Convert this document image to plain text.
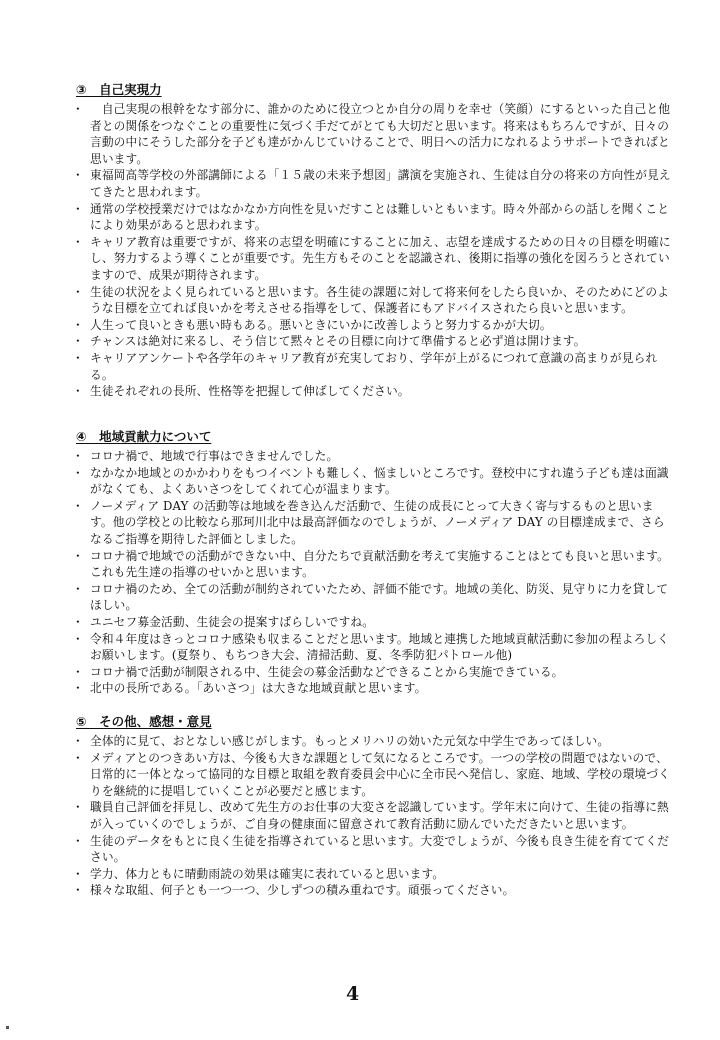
③　自己実現力
・ 　自己実現の根幹をなす部分に、誰かのために役立つとか自分の周りを幸せ（笑顔）にするといった自己と他者との関係をつなぐことの重要性に気づく手だてがとても大切だと思います。将来はもちろんですが、日々の言動の中にそうした部分を子ども達がかんじていけることで、明日への活力になれるようサポートできればと思います。
・ 東福岡高等学校の外部講師による「１５歳の未来予想図」講演を実施され、生徒は自分の将来の方向性が見えてきたと思われます。
・ 通常の学校授業だけではなかなか方向性を見いだすことは難しいともいます。時々外部からの話しを聞くことにより効果があると思われます。
・ キャリア教育は重要ですが、将来の志望を明確にすることに加え、志望を達成するための日々の目標を明確にし、努力するよう導くことが重要です。先生方もそのことを認識され、後期に指導の強化を図ろうとされていますので、成果が期待されます。
・ 生徒の状況をよく見られていると思います。各生徒の課題に対して将来何をしたら良いか、そのためにどのような目標を立てれば良いかを考えさせる指導をして、保護者にもアドバイスされたら良いと思います。
・ 人生って良いときも悪い時もある。悪いときにいかに改善しようと努力するかが大切。
・ チャンスは絶対に来るし、そう信じて黙々とその目標に向けて準備すると必ず道は開けます。
・ キャリアアンケートや各学年のキャリア教育が充実しており、学年が上がるにつれて意識の高まりが見られる。
・ 生徒それぞれの長所、性格等を把握して伸ばしてください。
④　地域貢献力について
・ コロナ禍で、地域で行事はできませんでした。
・ なかなか地域とのかかわりをもつイベントも難しく、悩ましいところです。登校中にすれ違う子ども達は面識がなくても、よくあいさつをしてくれて心が温まります。
・ ノーメディア DAY の活動等は地域を巻き込んだ活動で、生徒の成長にとって大きく寄与するものと思います。他の学校との比較なら那珂川北中は最高評価なのでしょうが、ノーメディア DAY の目標達成まで、さらなるご指導を期待した評価としました。
・ コロナ禍で地域での活動ができない中、自分たちで貢献活動を考えて実施することはとても良いと思います。これも先生達の指導のせいかと思います。
・ コロナ禍のため、全ての活動が制約されていたため、評価不能です。地域の美化、防災、見守りに力を貸してほしい。
・ ユニセフ募金活動、生徒会の提案すばらしいですね。
・ 令和４年度はきっとコロナ感染も収まることだと思います。地域と連携した地域貢献活動に参加の程よろしくお願いします。(夏祭り、もちつき大会、清掃活動、夏、冬季防犯パトロール他)
・ コロナ禍で活動が制限される中、生徒会の募金活動などできることから実施できている。
・ 北中の長所である。「あいさつ」は大きな地域貢献と思います。
⑤　その他、感想・意見
・ 全体的に見て、おとなしい感じがします。もっとメリハリの効いた元気な中学生であってほしい。
・ メディアとのつきあい方は、今後も大きな課題として気になるところです。一つの学校の問題ではないので、日常的に一体となって協同的な目標と取組を教育委員会中心に全市民へ発信し、家庭、地域、学校の環境づくりを継続的に提唱していくことが必要だと感じます。
・ 職員自己評価を拝見し、改めて先生方のお仕事の大変さを認識しています。学年末に向けて、生徒の指導に熱が入っていくのでしょうが、ご自身の健康面に留意されて教育活動に励んでいただきたいと思います。
・ 生徒のデータをもとに良く生徒を指導されていると思います。大変でしょうが、今後も良き生徒を育ててください。
・ 学力、体力ともに晴動雨読の効果は確実に表れていると思います。
・ 様々な取組、何子とも一つ一つ、少しずつの積み重ねです。頑張ってください。
4
